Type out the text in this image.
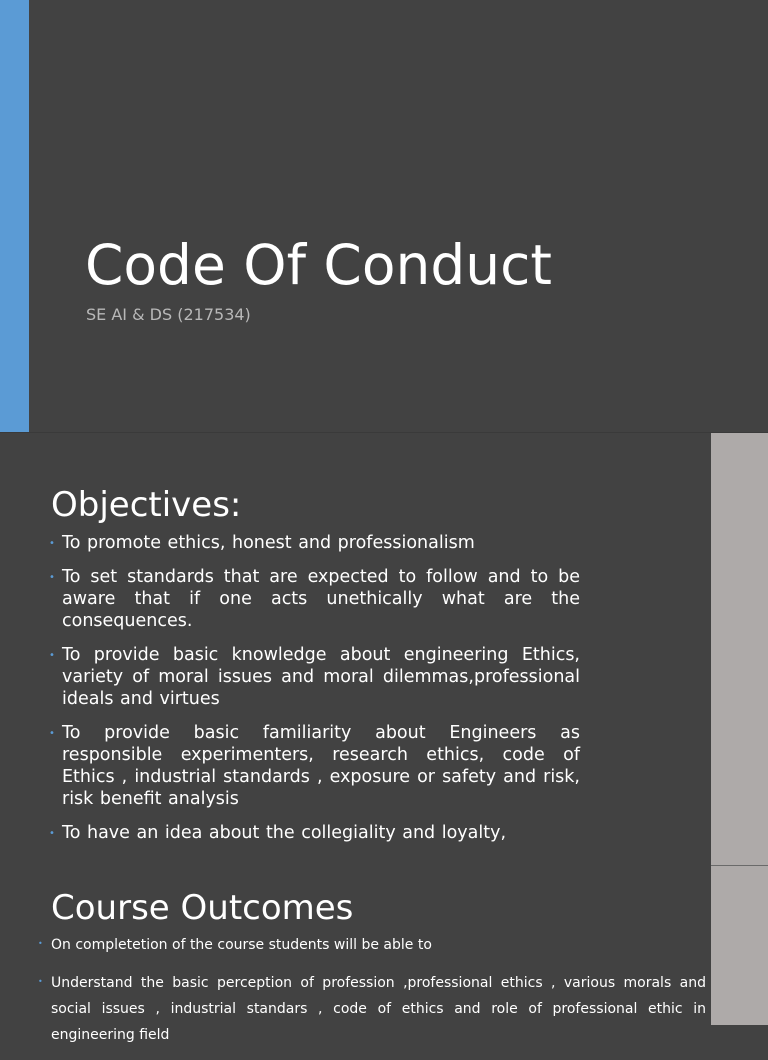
Code Of Conduct
SE AI & DS (217534)
Objectives:
• To promote ethics, honest and professionalism
• To set standards that are expected to follow and to be aware that if one acts unethically what are the consequences.
• To provide basic knowledge about engineering Ethics, variety of moral issues and moral dilemmas,professional ideals and virtues
• To provide basic familiarity about Engineers as responsible experimenters, research ethics, code of Ethics , industrial standards , exposure or safety and risk, risk benefit analysis
• To have an idea about the collegiality and loyalty,
Course Outcomes
• On completetion of the course students will be able to
• Understand the basic perception of profession ,professional ethics , various morals and social issues , industrial standars , code of ethics and role of professional ethic in engineering field
